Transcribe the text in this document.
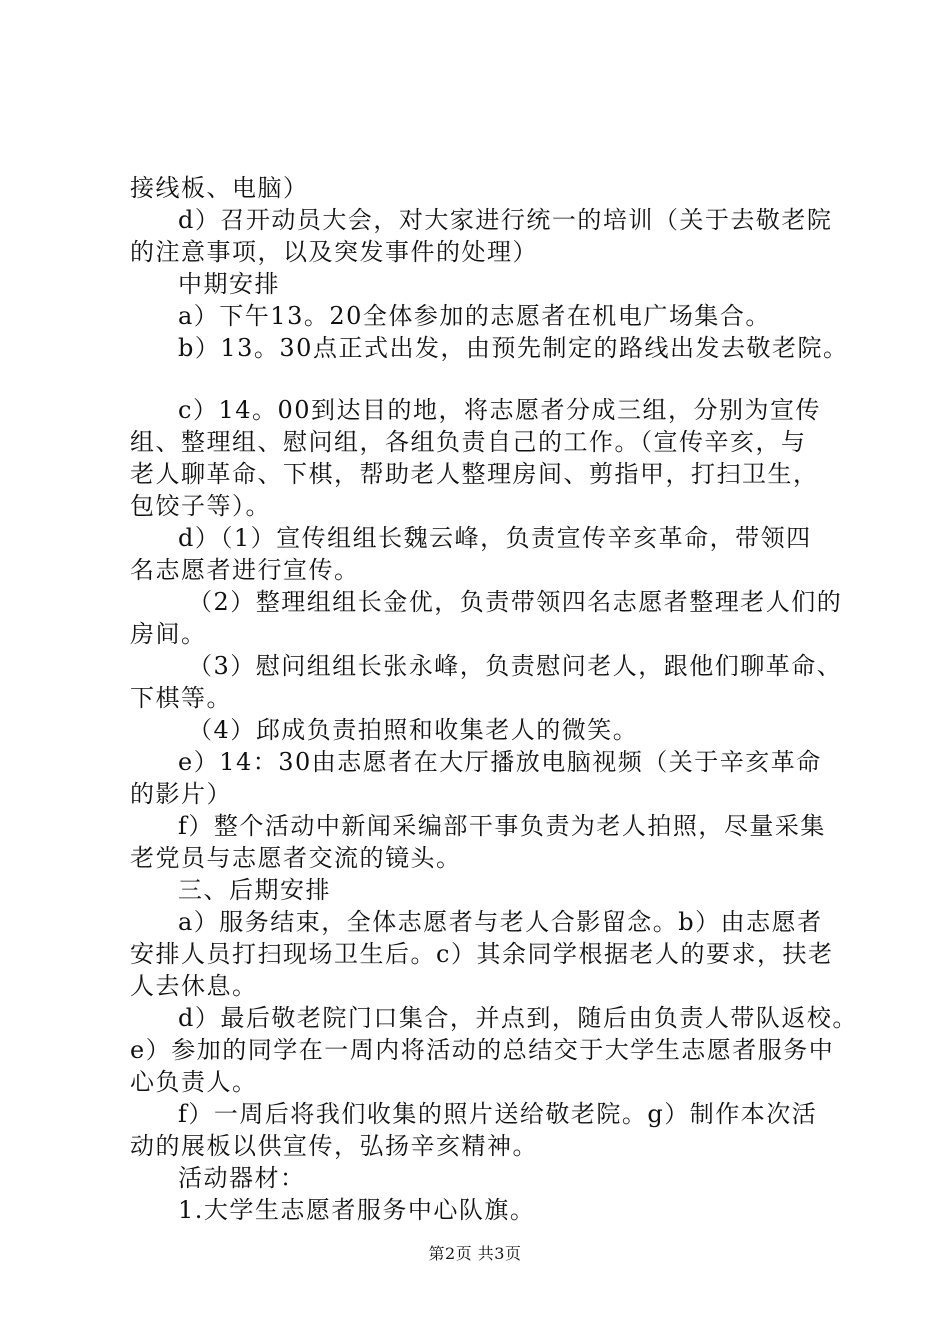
接线板、电脑）
d）召开动员大会，对大家进行统一的培训（关于去敬老院
的注意事项，以及突发事件的处理）
中期安排
a）下午13。20全体参加的志愿者在机电广场集合。
b）13。30点正式出发，由预先制定的路线出发去敬老院。
c）14。00到达目的地，将志愿者分成三组，分别为宣传
组、整理组、慰问组，各组负责自己的工作。（宣传辛亥，与
老人聊革命、下棋，帮助老人整理房间、剪指甲，打扫卫生，
包饺子等）。
d）（1）宣传组组长魏云峰，负责宣传辛亥革命，带领四
名志愿者进行宣传。
（2）整理组组长金优，负责带领四名志愿者整理老人们的
房间。
（3）慰问组组长张永峰，负责慰问老人，跟他们聊革命、
下棋等。
（4）邱成负责拍照和收集老人的微笑。
e）14：30由志愿者在大厅播放电脑视频（关于辛亥革命
的影片）
f）整个活动中新闻采编部干事负责为老人拍照，尽量采集
老党员与志愿者交流的镜头。
三、后期安排
a）服务结束，全体志愿者与老人合影留念。b）由志愿者
安排人员打扫现场卫生后。c）其余同学根据老人的要求，扶老
人去休息。
d）最后敬老院门口集合，并点到，随后由负责人带队返校。
e）参加的同学在一周内将活动的总结交于大学生志愿者服务中
心负责人。
f）一周后将我们收集的照片送给敬老院。g）制作本次活
动的展板以供宣传，弘扬辛亥精神。
活动器材：
1.大学生志愿者服务中心队旗。
第2页 共3页
